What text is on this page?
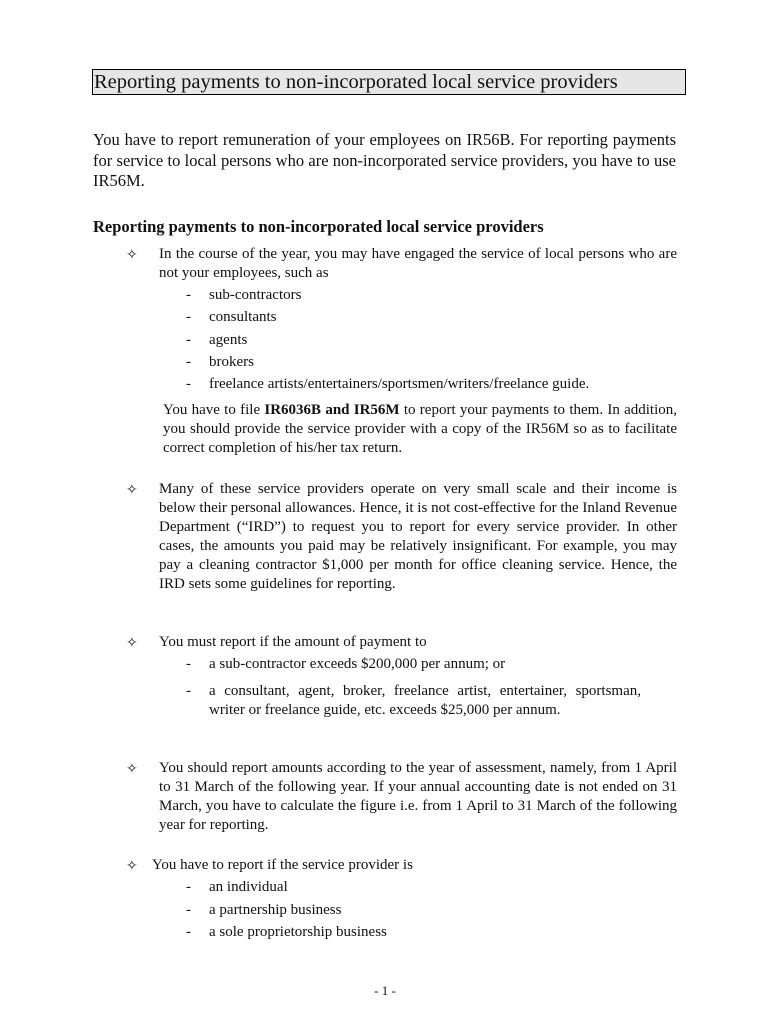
Reporting payments to non-incorporated local service providers
You have to report remuneration of your employees on IR56B. For reporting payments for service to local persons who are non-incorporated service providers, you have to use IR56M.
Reporting payments to non-incorporated local service providers
✧ In the course of the year, you may have engaged the service of local persons who are not your employees, such as
- sub-contractors
- consultants
- agents
- brokers
- freelance artists/entertainers/sportsmen/writers/freelance guide.
You have to file IR6036B and IR56M to report your payments to them. In addition, you should provide the service provider with a copy of the IR56M so as to facilitate correct completion of his/her tax return.
✧ Many of these service providers operate on very small scale and their income is below their personal allowances. Hence, it is not cost-effective for the Inland Revenue Department (“IRD”) to request you to report for every service provider. In other cases, the amounts you paid may be relatively insignificant. For example, you may pay a cleaning contractor $1,000 per month for office cleaning service. Hence, the IRD sets some guidelines for reporting.
✧ You must report if the amount of payment to
- a sub-contractor exceeds $200,000 per annum; or
- a consultant, agent, broker, freelance artist, entertainer, sportsman, writer or freelance guide, etc. exceeds $25,000 per annum.
✧ You should report amounts according to the year of assessment, namely, from 1 April to 31 March of the following year. If your annual accounting date is not ended on 31 March, you have to calculate the figure i.e. from 1 April to 31 March of the following year for reporting.
✧ You have to report if the service provider is
- an individual
- a partnership business
- a sole proprietorship business
- 1 -
